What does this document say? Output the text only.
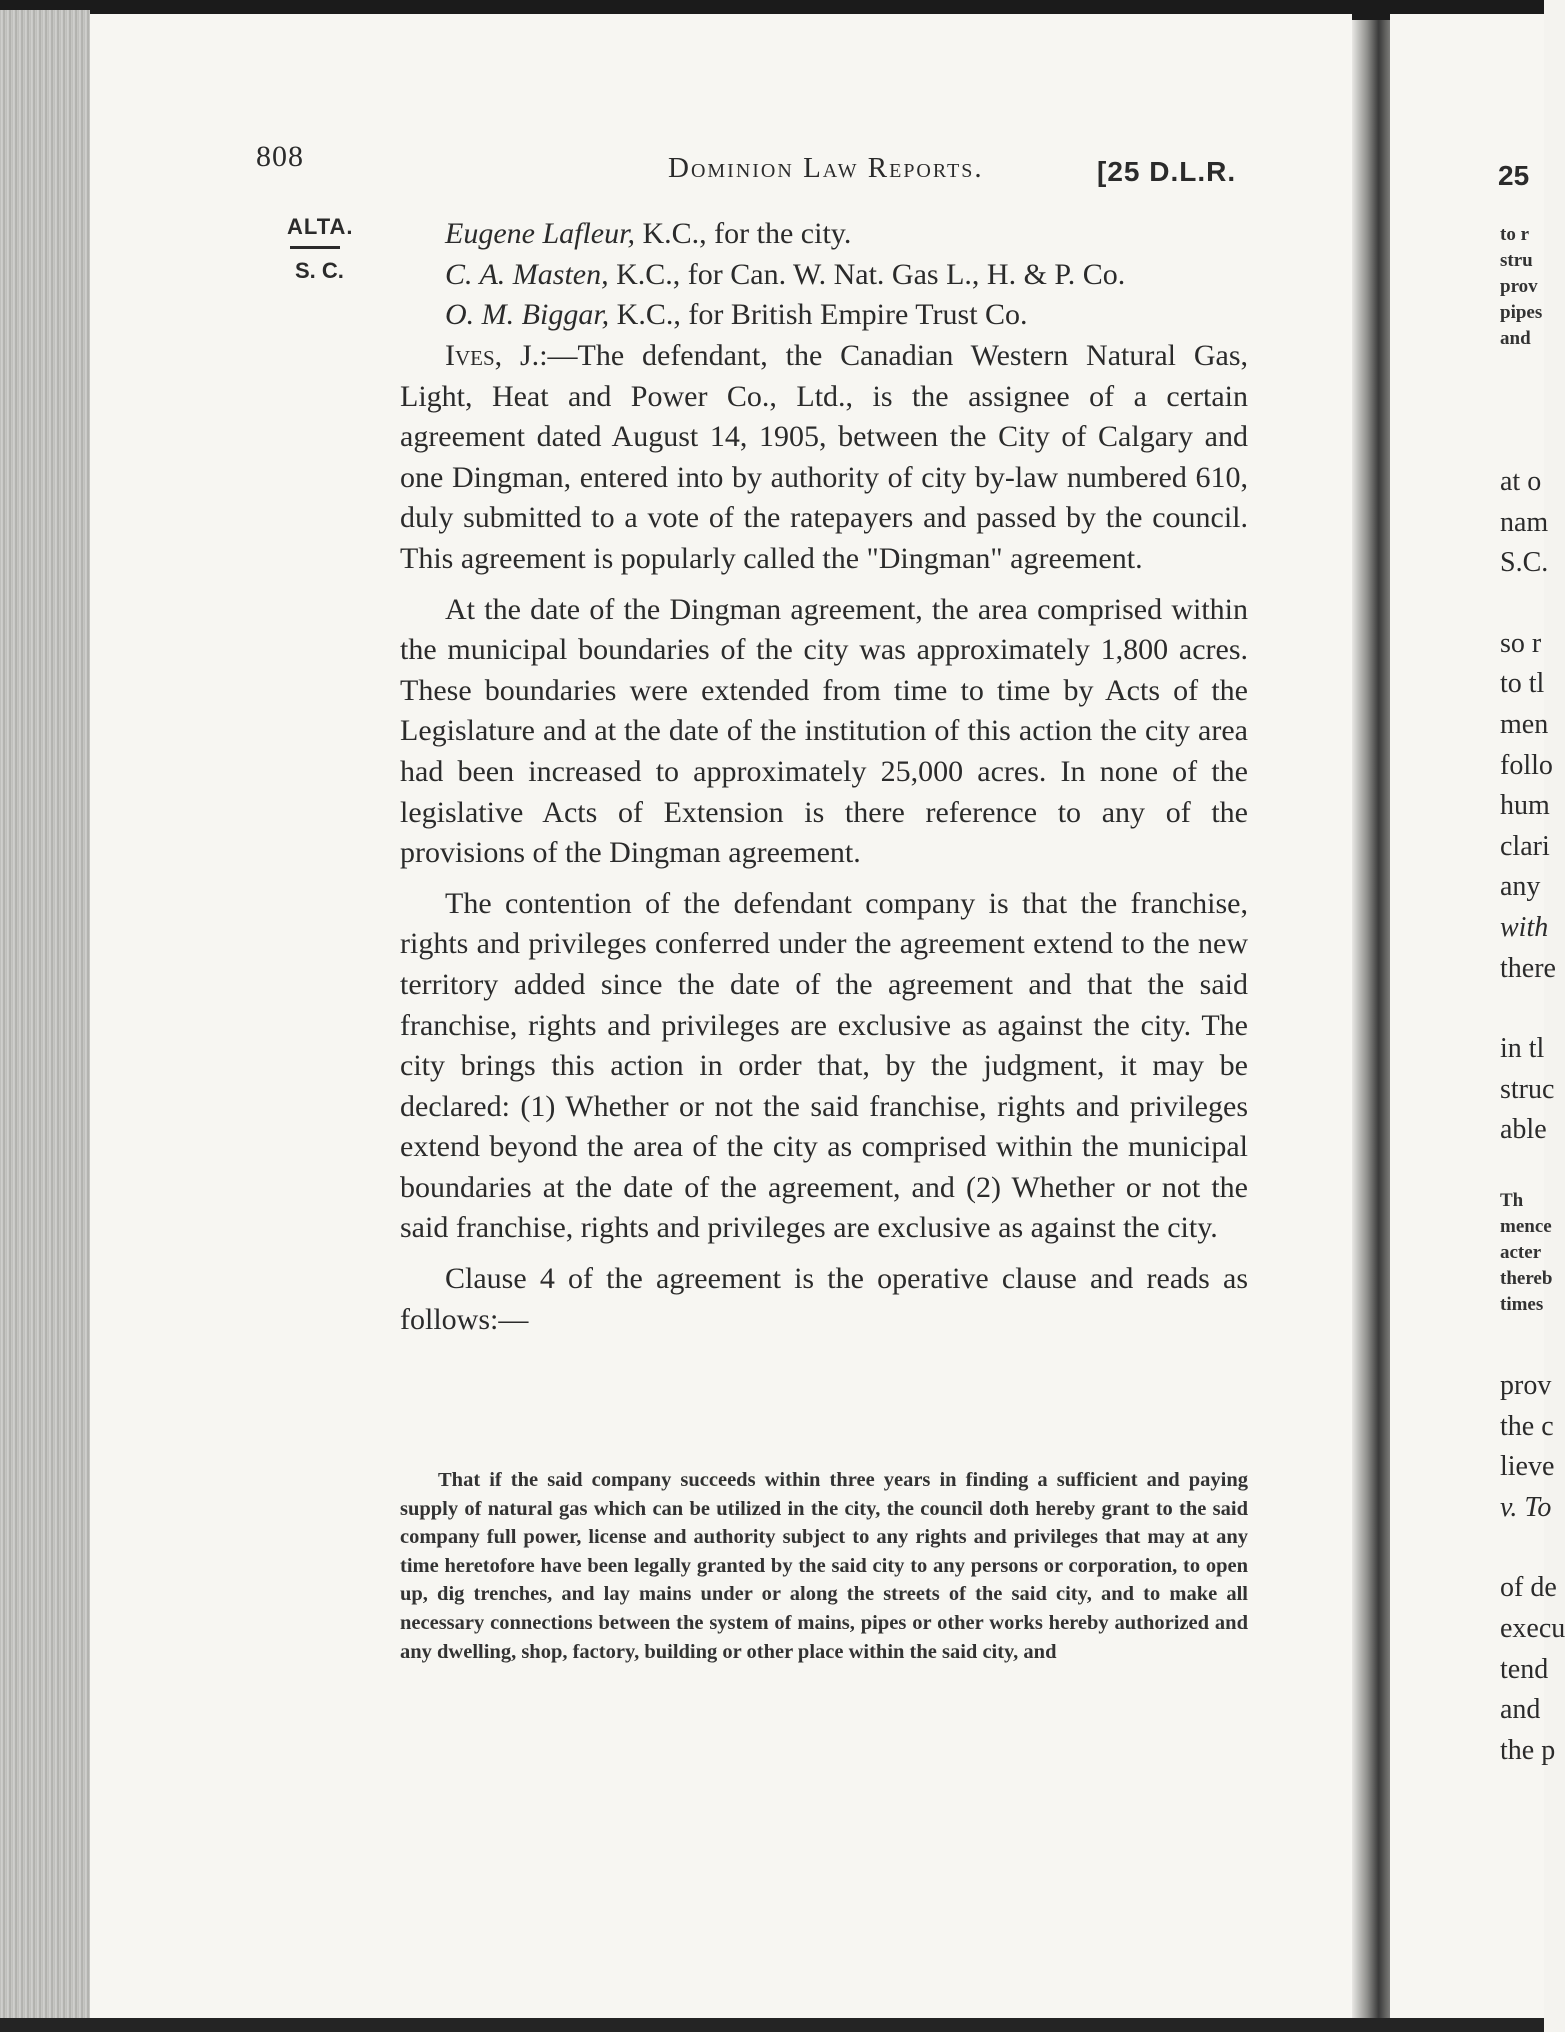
808	Dominion Law Reports.	[25 D.L.R.
ALTA.
S. C.

Eugene Lafleur, K.C., for the city.

C. A. Masten, K.C., for Can. W. Nat. Gas L., H. & P. Co.

O. M. Biggar, K.C., for British Empire Trust Co.

Ives, J.:—The defendant, the Canadian Western Natural Gas, Light, Heat and Power Co., Ltd., is the assignee of a certain agreement dated August 14, 1905, between the City of Calgary and one Dingman, entered into by authority of city by-law numbered 610, duly submitted to a vote of the ratepayers and passed by the council. This agreement is popularly called the "Dingman" agreement.

At the date of the Dingman agreement, the area comprised within the municipal boundaries of the city was approximately 1,800 acres. These boundaries were extended from time to time by Acts of the Legislature and at the date of the institution of this action the city area had been increased to approximately 25,000 acres. In none of the legislative Acts of Extension is there reference to any of the provisions of the Dingman agreement.

The contention of the defendant company is that the franchise, rights and privileges conferred under the agreement extend to the new territory added since the date of the agreement and that the said franchise, rights and privileges are exclusive as against the city. The city brings this action in order that, by the judgment, it may be declared: (1) Whether or not the said franchise, rights and privileges extend beyond the area of the city as comprised within the municipal boundaries at the date of the agreement, and (2) Whether or not the said franchise, rights and privileges are exclusive as against the city.

Clause 4 of the agreement is the operative clause and reads as follows:—

That if the said company succeeds within three years in finding a sufficient and paying supply of natural gas which can be utilized in the city, the council doth hereby grant to the said company full power, license and authority subject to any rights and privileges that may at any time heretofore have been legally granted by the said city to any persons or corporation, to open up, dig trenches, and lay mains under or along the streets of the said city, and to make all necessary connections between the system of mains, pipes or other works hereby authorized and any dwelling, shop, factory, building or other place within the said city, and
25
to r
stru
prov
pipes
and
at o
nam
S.C.
so r
to tl
men
follo
hum
clari
any
with
there
in tl
struc
able
Th
mence
acter
thereb
times
prov
the c
lieve
v. To
of de
execu
tend
and
the p
